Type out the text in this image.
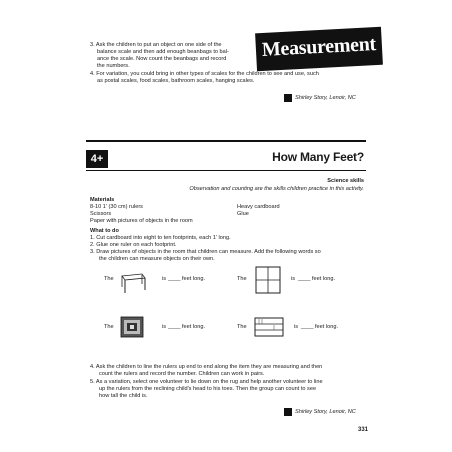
3. Ask the children to put an object on one side of the
balance scale and then add enough beanbags to bal-
ance the scale. Now count the beanbags and record
the numbers.
4. For variation, you could bring in other types of scales for the children to see and use, such
as postal scales, food scales, bathroom scales, hanging scales.
Measurement
Shirley Story, Lenoir, NC
4+	How Many Feet?
Science skills
Observation and counting are the skills children practice in this activity.
Materials
8-10 1' (30 cm) rulers
Scissors
Paper with pictures of objects in the room
Heavy cardboard
Glue
What to do
1. Cut cardboard into eight to ten footprints, each 1' long.
2. Glue one ruler on each footprint.
3. Draw pictures of objects in the room that children can measure. Add the following words so
the children can measure objects on their own.
The	is ____ feet long.	The	is ____ feet long.
The	is ____ feet long.	The	is ____ feet long.
4. Ask the children to line the rulers up end to end along the item they are measuring and then
count the rulers and record the number. Children can work in pairs.
5. As a variation, select one volunteer to lie down on the rug and help another volunteer to line
up the rulers from the reclining child's head to his toes. Then the group can count to see
how tall the child is.
Shirley Story, Lenoir, NC
331
